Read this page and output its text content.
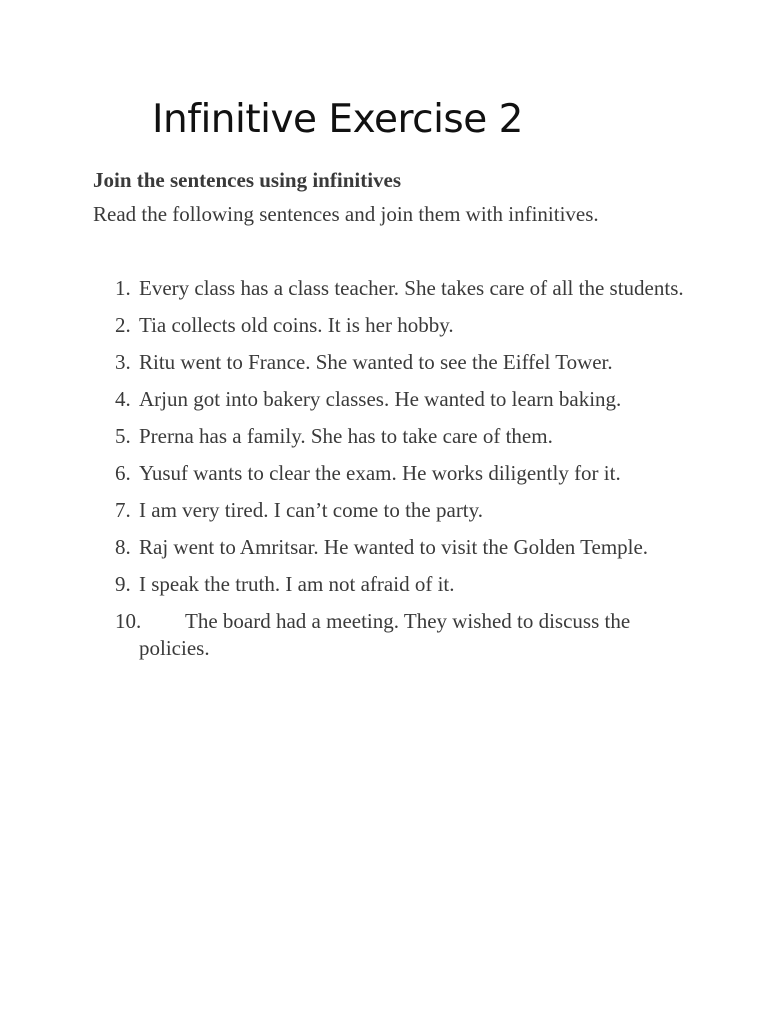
Infinitive Exercise 2
Join the sentences using infinitives

Read the following sentences and join them with infinitives.

1. Every class has a class teacher. She takes care of all the students.
2. Tia collects old coins. It is her hobby.
3. Ritu went to France. She wanted to see the Eiffel Tower.
4. Arjun got into bakery classes. He wanted to learn baking.
5. Prerna has a family. She has to take care of them.
6. Yusuf wants to clear the exam. He works diligently for it.
7. I am very tired. I can’t come to the party.
8. Raj went to Amritsar. He wanted to visit the Golden Temple.
9. I speak the truth. I am not afraid of it.
10.	The board had a meeting. They wished to discuss the policies.
